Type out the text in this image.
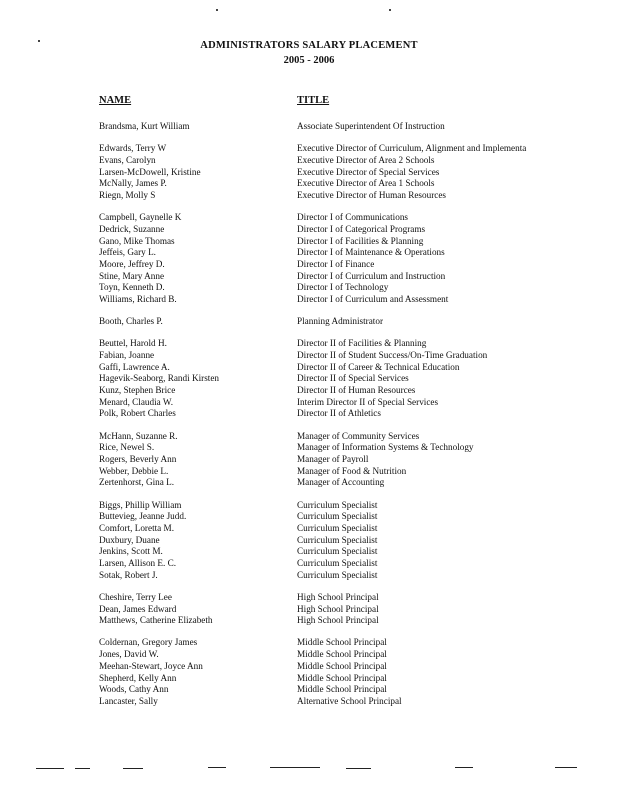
ADMINISTRATORS SALARY PLACEMENT
2005 - 2006
NAME	TITLE
Brandsma, Kurt William	Associate Superintendent Of Instruction
Edwards, Terry W	Executive Director of Curriculum, Alignment and Implementa
Evans, Carolyn	Executive Director of Area 2 Schools
Larsen-McDowell, Kristine	Executive Director of Special Services
McNally, James P.	Executive Director of Area 1 Schools
Riegn, Molly S	Executive Director of Human Resources
Campbell, Gaynelle K	Director I of Communications
Dedrick, Suzanne	Director I of Categorical Programs
Gano, Mike Thomas	Director I of Facilities & Planning
Jeffeis, Gary L.	Director I of Maintenance & Operations
Moore, Jeffrey D.	Director I of Finance
Stine, Mary Anne	Director I of Curriculum and Instruction
Toyn, Kenneth D.	Director I of Technology
Williams, Richard B.	Director I of Curriculum and Assessment
Booth, Charles P.	Planning Administrator
Beuttel, Harold H.	Director II of Facilities & Planning
Fabian, Joanne	Director II of Student Success/On-Time Graduation
Gaffi, Lawrence A.	Director II of Career & Technical Education
Hagevik-Seaborg, Randi Kirsten	Director II of Special Services
Kunz, Stephen Brice	Director II of Human Resources
Menard, Claudia W.	Interim Director II of Special Services
Polk, Robert Charles	Director II of Athletics
McHann, Suzanne R.	Manager of Community Services
Rice, Newel S.	Manager of Information Systems & Technology
Rogers, Beverly Ann	Manager of Payroll
Webber, Debbie L.	Manager of Food & Nutrition
Zertenhorst, Gina L.	Manager of Accounting
Biggs, Phillip William	Curriculum Specialist
Buttevieg, Jeanne Judd.	Curriculum Specialist
Comfort, Loretta M.	Curriculum Specialist
Duxbury, Duane	Curriculum Specialist
Jenkins, Scott M.	Curriculum Specialist
Larsen, Allison E. C.	Curriculum Specialist
Sotak, Robert J.	Curriculum Specialist
Cheshire, Terry Lee	High School Principal
Dean, James Edward	High School Principal
Matthews, Catherine Elizabeth	High School Principal
Coldernan, Gregory James	Middle School Principal
Jones, David W.	Middle School Principal
Meehan-Stewart, Joyce Ann	Middle School Principal
Shepherd, Kelly Ann	Middle School Principal
Woods, Cathy Ann	Middle School Principal
Lancaster, Sally	Alternative School Principal
